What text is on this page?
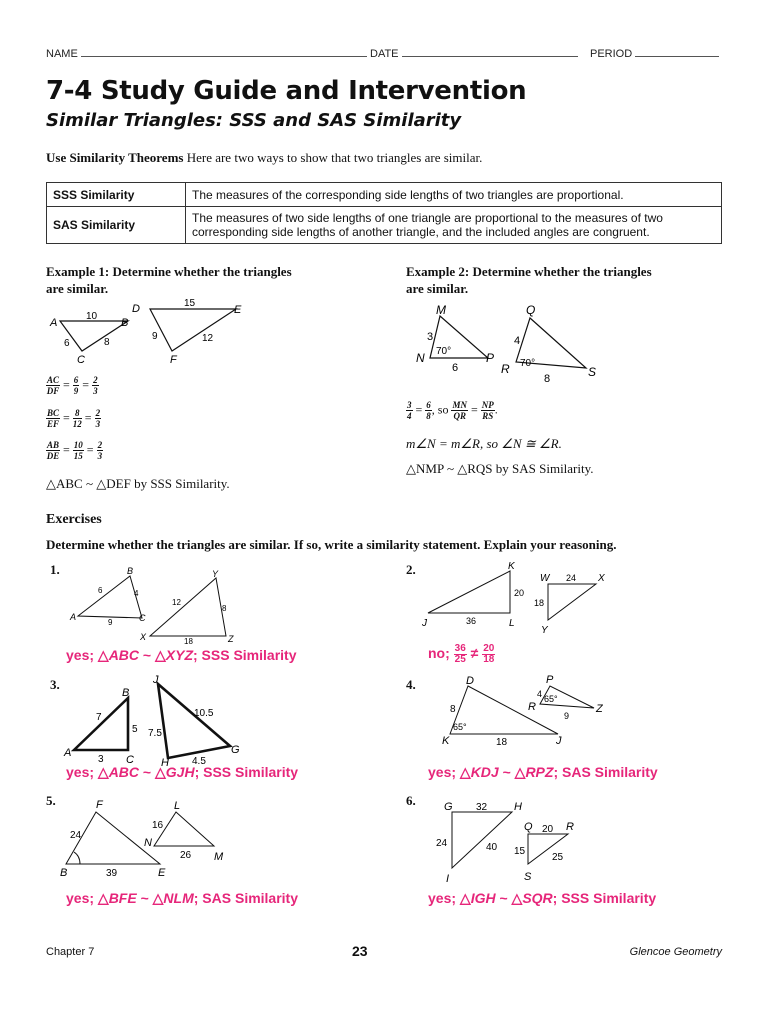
NAME	DATE	PERIOD
7-4 Study Guide and Intervention
Similar Triangles: SSS and SAS Similarity
Use Similarity Theorems Here are two ways to show that two triangles are similar.
SSS Similarity	The measures of the corresponding side lengths of two triangles are proportional.
SAS Similarity	The measures of two side lengths of one triangle are proportional to the measures of two corresponding side lengths of another triangle, and the included angles are congruent.
Example 1: Determine whether the triangles
are similar.
A	B
C
D	E
F
10
6	8
15
9	12
$\frac{AC}{DF} = \frac{6}{9} = \frac{2}{3}$
$\frac{BC}{EF} = \frac{8}{12} = \frac{2}{3}$
$\frac{AB}{DE} = \frac{10}{15} = \frac{2}{3}$
△ABC ~ △DEF by SSS Similarity.
Example 2: Determine whether the triangles
are similar.
M
N	P
Q
R	S
3
6
70°
4
8
70°
$\frac{3}{4} = \frac{6}{8}$ , so $\frac{MN}{QR} = \frac{NP}{RS}$ .
m∠N = m∠R, so ∠N ≅ ∠R.
△NMP ~ △RQS by SAS Similarity.
Exercises
Determine whether the triangles are similar. If so, write a similarity statement. Explain your reasoning.
1.
A
B
C
6	4
9
X
Y
Z
12
8
18
yes; △ABC ~ △XYZ; SSS Similarity
2.
J
K
L
20
36
W	X
Y
24
18
no; $\frac{36}{25} \ne \frac{20}{18}$
3.
A
B
C
7
5
3
J
G
H
10.5
7.5
4.5
yes; △ABC ~ △GJH; SSS Similarity
4.	D
K	J
8
18
65°
P
R	Z
4
9
65°
yes; △KDJ ~ △RPZ; SAS Similarity
5.	F
B	E
24
39
L
N
M
16
26
yes; △BFE ~ △NLM; SAS Similarity
6.	G	H
I
32
24	40
Q	R
S
20
15
25
yes; △IGH ~ △SQR; SSS Similarity
Chapter 7	23	Glencoe Geometry
